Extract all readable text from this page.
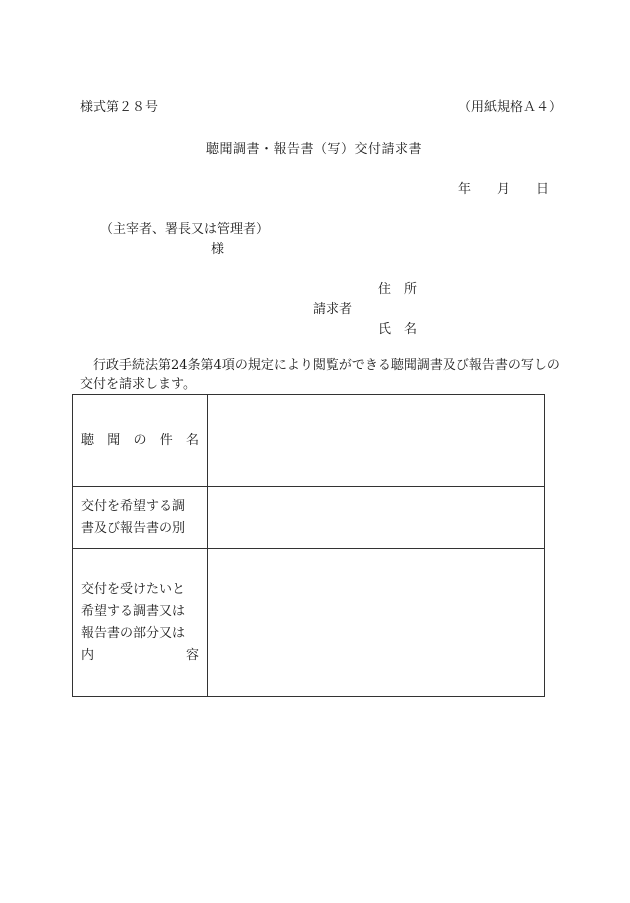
様式第２８号	（用紙規格Ａ４）
聴聞調書・報告書（写）交付請求書
年 月 日
（主宰者、署長又は管理者）
様
住　所
請求者
氏　名

行政手続法第24条第4項の規定により閲覧ができる聴聞調書及び報告書の写しの

交付を請求します。

聴 聞 の 件 名	

交付を希望する調
書及び報告書の別	

交付を受けたいと
希望する調書又は
報告書の部分又は
内 容	
